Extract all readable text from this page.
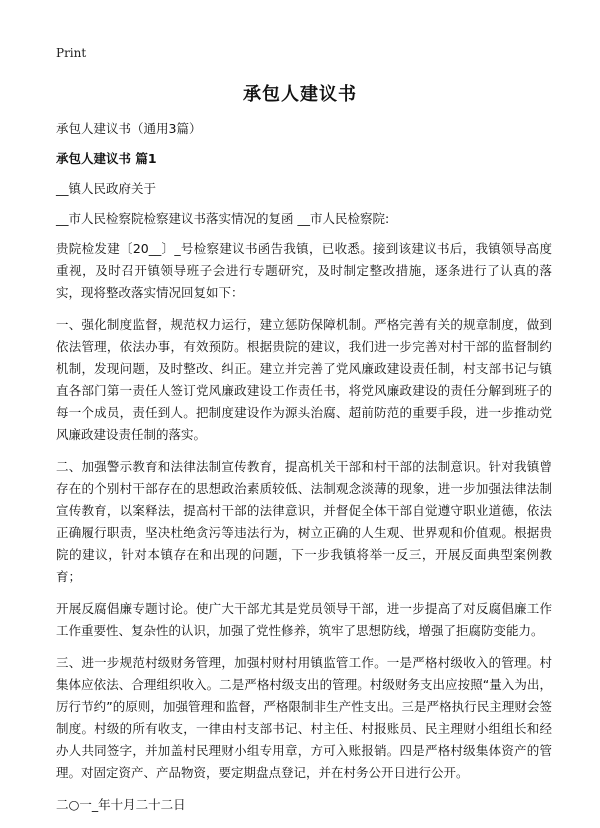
Print
承包人建议书
承包人建议书（通用3篇）
承包人建议书 篇1
__镇人民政府关于
__市人民检察院检察建议书落实情况的复函 __市人民检察院:

贵院检发建〔20__〕_号检察建议书函告我镇，已收悉。接到该建议书后，我镇领导高度重视，及时召开镇领导班子会进行专题研究，及时制定整改措施，逐条进行了认真的落实，现将整改落实情况回复如下：

一、强化制度监督，规范权力运行，建立惩防保障机制。严格完善有关的规章制度，做到依法管理，依法办事，有效预防。根据贵院的建议，我们进一步完善对村干部的监督制约机制，发现问题，及时整改、纠正。建立并完善了党风廉政建设责任制，村支部书记与镇直各部门第一责任人签订党风廉政建设工作责任书，将党风廉政建设的责任分解到班子的每一个成员，责任到人。把制度建设作为源头治腐、超前防范的重要手段，进一步推动党风廉政建设责任制的落实。

二、加强警示教育和法律法制宣传教育，提高机关干部和村干部的法制意识。针对我镇曾存在的个别村干部存在的思想政治素质较低、法制观念淡薄的现象，进一步加强法律法制宣传教育，以案释法，提高村干部的法律意识，并督促全体干部自觉遵守职业道德，依法正确履行职责，坚决杜绝贪污等违法行为，树立正确的人生观、世界观和价值观。根据贵院的建议，针对本镇存在和出现的问题，下一步我镇将举一反三，开展反面典型案例教育；

开展反腐倡廉专题讨论。使广大干部尤其是党员领导干部，进一步提高了对反腐倡廉工作工作重要性、复杂性的认识，加强了党性修养，筑牢了思想防线，增强了拒腐防变能力。

三、进一步规范村级财务管理，加强村财村用镇监管工作。一是严格村级收入的管理。村集体应依法、合理组织收入。二是严格村级支出的管理。村级财务支出应按照“量入为出，厉行节约”的原则，加强管理和监督，严格限制非生产性支出。三是严格执行民主理财会签制度。村级的所有收支，一律由村支部书记、村主任、村报账员、民主理财小组组长和经办人共同签字，并加盖村民理财小组专用章，方可入账报销。四是严格村级集体资产的管理。对固定资产、产品物资，要定期盘点登记，并在村务公开日进行公开。

二○一_年十月二十二日
